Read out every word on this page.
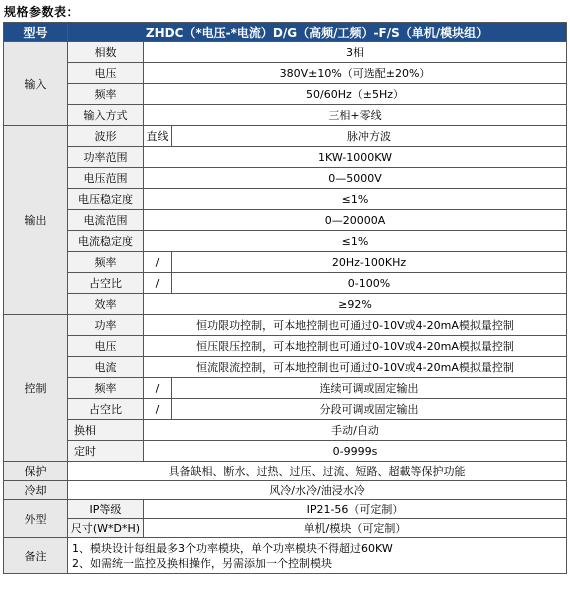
规格参数表：
型号	ZHDC（*电压-*电流）D/G（高频/工频）-F/S（单机/模块组）		
输入	相数	3相	
	电压	380V±10%（可选配±20%）	
	频率	50/60Hz（±5Hz）	
	输入方式	三相+零线	
输出	波形	直线	脉冲方波
	功率范围	1KW-1000KW	
	电压范围	0—5000V	
	电压稳定度	≤1%	
	电流范围	0—20000A	
	电流稳定度	≤1%	
	频率	/	20Hz-100KHz
	占空比	/	0-100%
	效率	≥92%	
控制	功率	恒功限功控制，可本地控制也可通过0-10V或4-20mA模拟量控制	
	电压	恒压限压控制，可本地控制也可通过0-10V或4-20mA模拟量控制	
	电流	恒流限流控制，可本地控制也可通过0-10V或4-20mA模拟量控制	
	频率	/	连续可调或固定输出
	占空比	/	分段可调或固定输出
	换相	手动/自动	
	定时	0-9999s	
保护	具备缺相、断水、过热、过压、过流、短路、超載等保护功能		
冷却	风冷/水冷/油浸水冷		
外型	IP等级	IP21-56（可定制）	
	尺寸(W*D*H)	单机/模块（可定制）	
备注	1、模块设计每组最多3个功率模块，单个功率模块不得超过60KW
2、如需统一监控及换相操作，另需添加一个控制模块		
